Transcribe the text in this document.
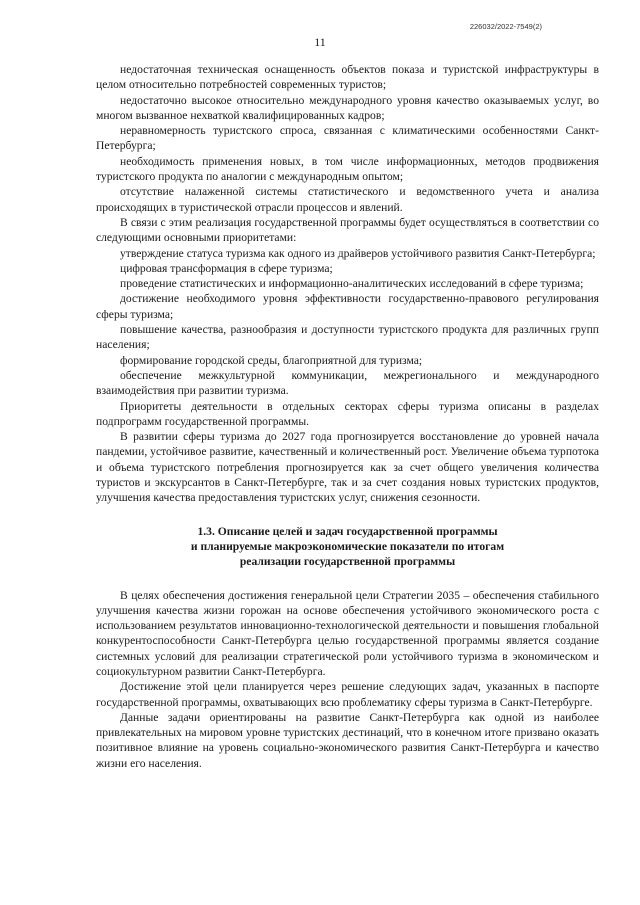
226032/2022-7549(2)
11

недостаточная техническая оснащенность объектов показа и туристской инфраструктуры в целом относительно потребностей современных туристов;

недостаточно высокое относительно международного уровня качество оказываемых услуг, во многом вызванное нехваткой квалифицированных кадров;

неравномерность туристского спроса, связанная с климатическими особенностями Санкт-Петербурга;

необходимость применения новых, в том числе информационных, методов продвижения туристского продукта по аналогии с международным опытом;

отсутствие налаженной системы статистического и ведомственного учета и анализа происходящих в туристической отрасли процессов и явлений.

В связи с этим реализация государственной программы будет осуществляться в соответствии со следующими основными приоритетами:

утверждение статуса туризма как одного из драйверов устойчивого развития Санкт-Петербурга;

цифровая трансформация в сфере туризма;

проведение статистических и информационно-аналитических исследований в сфере туризма;

достижение необходимого уровня эффективности государственно-правового регулирования сферы туризма;

повышение качества, разнообразия и доступности туристского продукта для различных групп населения;

формирование городской среды, благоприятной для туризма;

обеспечение межкультурной коммуникации, межрегионального и международного взаимодействия при развитии туризма.

Приоритеты деятельности в отдельных секторах сферы туризма описаны в разделах подпрограмм государственной программы.

В развитии сферы туризма до 2027 года прогнозируется восстановление до уровней начала пандемии, устойчивое развитие, качественный и количественный рост. Увеличение объема турпотока и объема туристского потребления прогнозируется как за счет общего увеличения количества туристов и экскурсантов в Санкт-Петербурге, так и за счет создания новых туристских продуктов, улучшения качества предоставления туристских услуг, снижения сезонности.

1.3. Описание целей и задач государственной программы
и планируемые макроэкономические показатели по итогам
реализации государственной программы

В целях обеспечения достижения генеральной цели Стратегии 2035 – обеспечения стабильного улучшения качества жизни горожан на основе обеспечения устойчивого экономического роста с использованием результатов инновационно-технологической деятельности и повышения глобальной конкурентоспособности Санкт-Петербурга целью государственной программы является создание системных условий для реализации стратегической роли устойчивого туризма в экономическом и социокультурном развитии Санкт-Петербурга.

Достижение этой цели планируется через решение следующих задач, указанных в паспорте государственной программы, охватывающих всю проблематику сферы туризма в Санкт-Петербурге.

Данные задачи ориентированы на развитие Санкт-Петербурга как одной из наиболее привлекательных на мировом уровне туристских дестинаций, что в конечном итоге призвано оказать позитивное влияние на уровень социально-экономического развития Санкт-Петербурга и качество жизни его населения.
